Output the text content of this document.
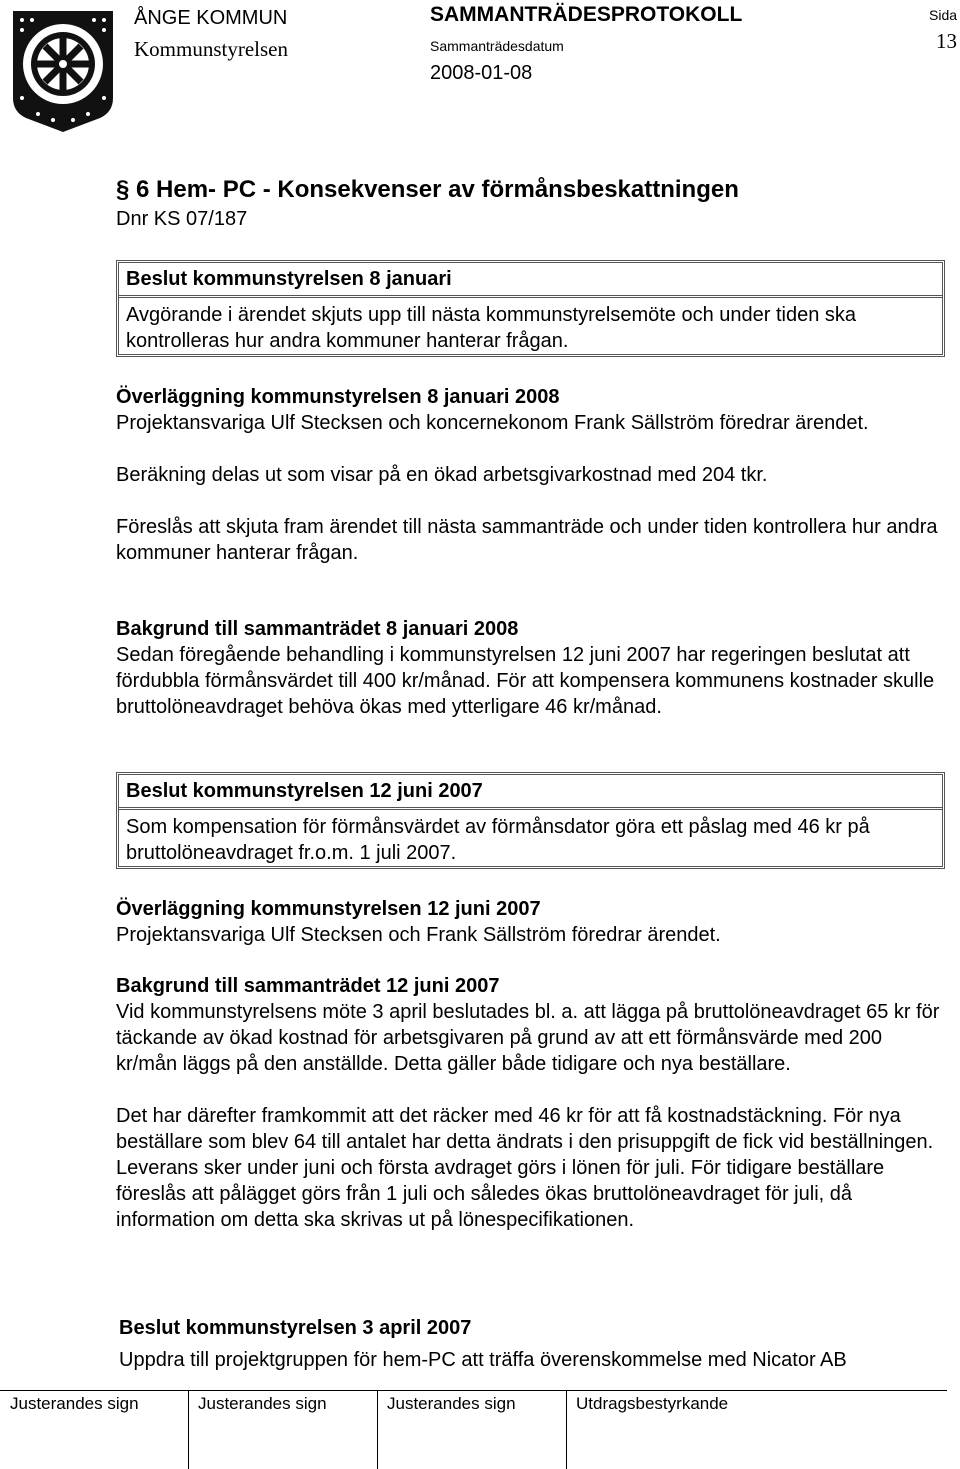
ÅNGE KOMMUN
Kommunstyrelsen
SAMMANTRÄDESPROTOKOLL
Sammanträdesdatum
2008-01-08
Sida
13
§ 6 Hem- PC - Konsekvenser av förmånsbeskattningen
Dnr KS 07/187
Beslut kommunstyrelsen 8 januari
Avgörande i ärendet skjuts upp till nästa kommunstyrelsemöte och under tiden ska kontrolleras hur andra kommuner hanterar frågan.

Överläggning kommunstyrelsen 8 januari 2008

Projektansvariga Ulf Stecksen och koncernekonom Frank Sällström föredrar ärendet.

Beräkning delas ut som visar på en ökad arbetsgivarkostnad med 204 tkr.

Föreslås att skjuta fram ärendet till nästa sammanträde och under tiden kontrollera hur andra kommuner hanterar frågan.

Bakgrund till sammanträdet 8 januari 2008

Sedan föregående behandling i kommunstyrelsen 12 juni 2007 har regeringen beslutat att fördubbla förmånsvärdet till 400 kr/månad. För att kompensera kommunens kostnader skulle bruttolöneavdraget behöva ökas med ytterligare 46 kr/månad.

Beslut kommunstyrelsen 12 juni 2007
Som kompensation för förmånsvärdet av förmånsdator göra ett påslag med 46 kr på bruttolöneavdraget fr.o.m. 1 juli 2007.

Överläggning kommunstyrelsen 12 juni 2007

Projektansvariga Ulf Stecksen och Frank Sällström föredrar ärendet.

Bakgrund till sammanträdet 12 juni 2007

Vid kommunstyrelsens möte 3 april beslutades bl. a. att lägga på bruttolöneavdraget 65 kr för täckande av ökad kostnad för arbetsgivaren på grund av att ett förmånsvärde med 200 kr/mån läggs på den anställde. Detta gäller både tidigare och nya beställare.

Det har därefter framkommit att det räcker med 46 kr för att få kostnadstäckning. För nya beställare som blev 64 till antalet har detta ändrats i den prisuppgift de fick vid beställningen. Leverans sker under juni och första avdraget görs i lönen för juli. För tidigare beställare föreslås att pålägget görs från 1 juli och således ökas bruttolöneavdraget för juli, då information om detta ska skrivas ut på lönespecifikationen.

Beslut kommunstyrelsen 3 april 2007

Uppdra till projektgruppen för hem-PC att träffa överenskommelse med Nicator AB

Justerandes sign	Justerandes sign	Justerandes sign	Utdragsbestyrkande
